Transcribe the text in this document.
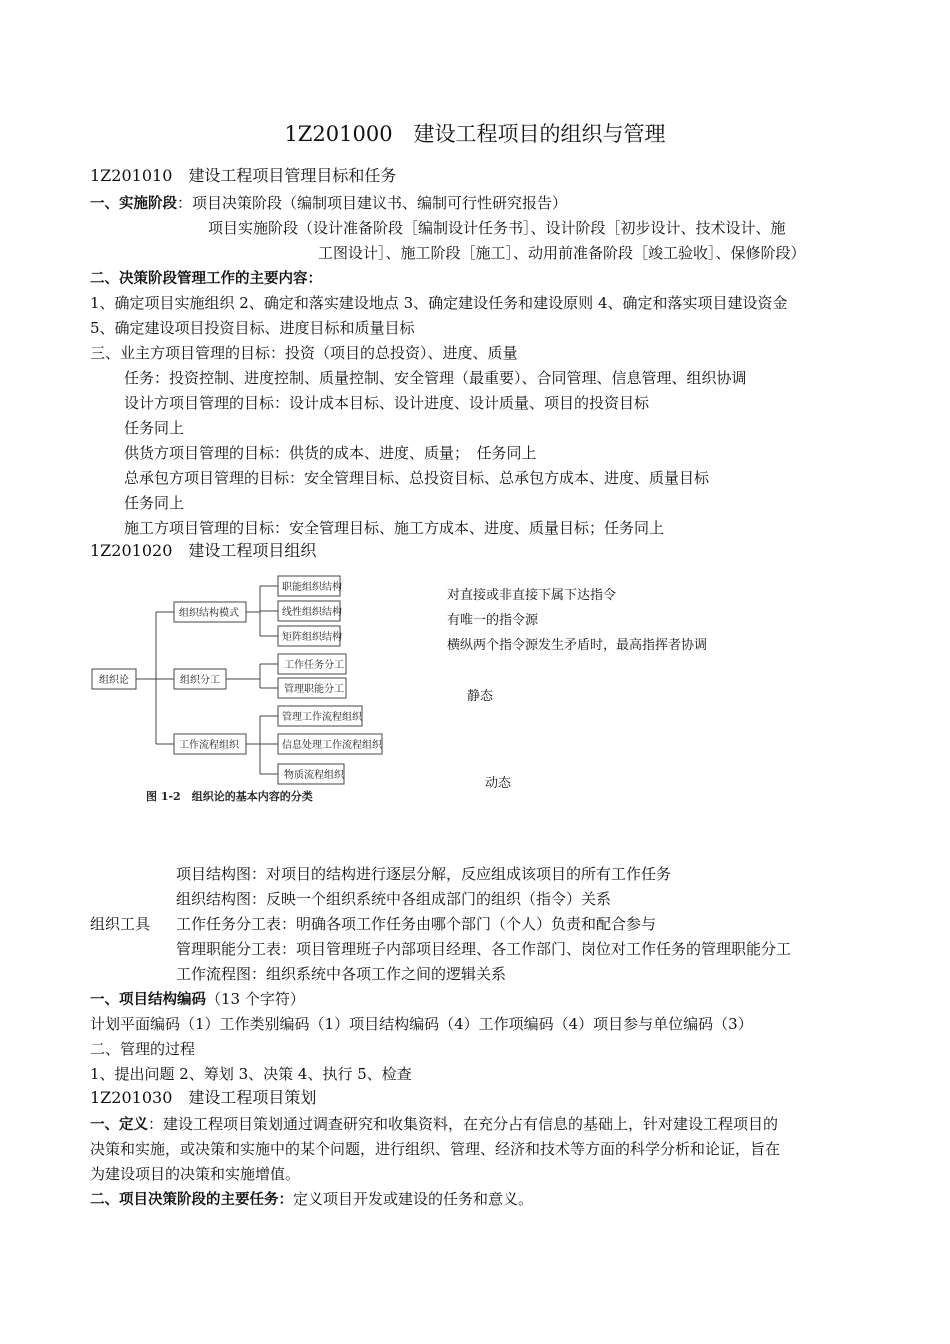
1Z201000　建设工程项目的组织与管理
1Z201010　建设工程项目管理目标和任务
一、实施阶段：项目决策阶段（编制项目建议书、编制可行性研究报告）
项目实施阶段（设计准备阶段［编制设计任务书］、设计阶段［初步设计、技术设计、施
工图设计］、施工阶段［施工］、动用前准备阶段［竣工验收］、保修阶段）
二、决策阶段管理工作的主要内容：
1、确定项目实施组织 2、确定和落实建设地点 3、确定建设任务和建设原则 4、确定和落实项目建设资金
5、确定建设项目投资目标、进度目标和质量目标
三、业主方项目管理的目标：投资（项目的总投资）、进度、质量
任务：投资控制、进度控制、质量控制、安全管理（最重要）、合同管理、信息管理、组织协调
设计方项目管理的目标：设计成本目标、设计进度、设计质量、项目的投资目标
任务同上
供货方项目管理的目标：供货的成本、进度、质量；　任务同上
总承包方项目管理的目标：安全管理目标、总投资目标、总承包方成本、进度、质量目标
任务同上
施工方项目管理的目标：安全管理目标、施工方成本、进度、质量目标；任务同上
1Z201020　建设工程项目组织
组织论
组织结构模式
组织分工
工作流程组织
职能组织结构
线性组织结构
矩阵组织结构
工作任务分工
管理职能分工
管理工作流程组织
信息处理工作流程组织
物质流程组织
图 1-2　组织论的基本内容的分类
对直接或非直接下属下达指令
有唯一的指令源
横纵两个指令源发生矛盾时，最高指挥者协调
静态
动态
项目结构图：对项目的结构进行逐层分解，反应组成该项目的所有工作任务
组织结构图：反映一个组织系统中各组成部门的组织（指令）关系
组织工具 工作任务分工表：明确各项工作任务由哪个部门（个人）负责和配合参与
管理职能分工表：项目管理班子内部项目经理、各工作部门、岗位对工作任务的管理职能分工
工作流程图：组织系统中各项工作之间的逻辑关系
一、项目结构编码（13 个字符）
计划平面编码（1）工作类别编码（1）项目结构编码（4）工作项编码（4）项目参与单位编码（3）
二、管理的过程
1、提出问题 2、筹划 3、决策 4、执行 5、检查
1Z201030　建设工程项目策划
一、定义：建设工程项目策划通过调查研究和收集资料，在充分占有信息的基础上，针对建设工程项目的
决策和实施，或决策和实施中的某个问题，进行组织、管理、经济和技术等方面的科学分析和论证，旨在
为建设项目的决策和实施增值。
二、项目决策阶段的主要任务：定义项目开发或建设的任务和意义。
